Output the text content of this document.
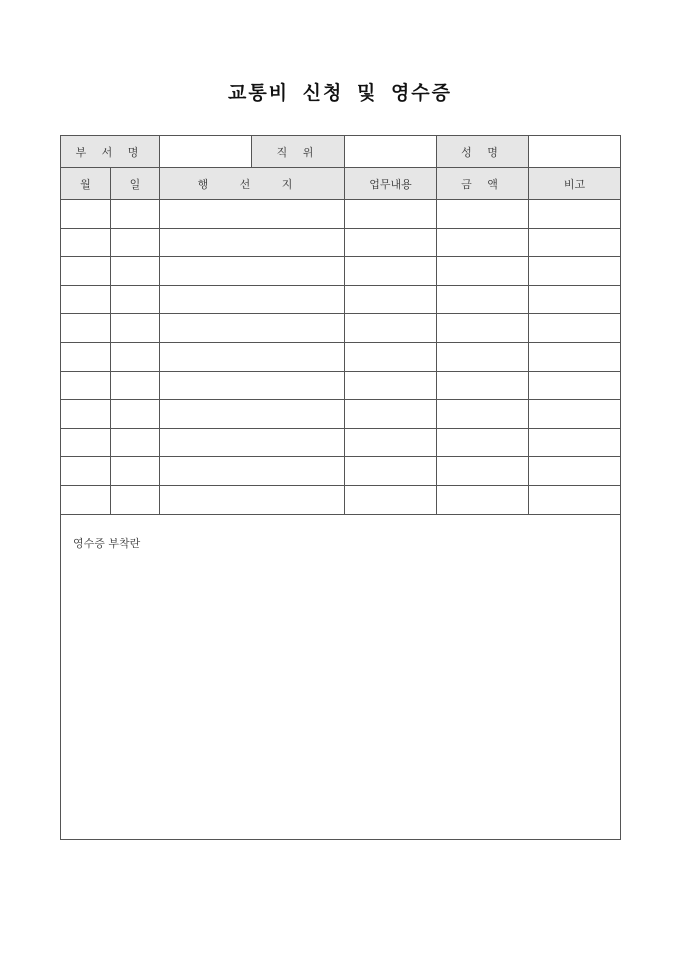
교통비 신청 및 영수증
부 서 명			직 위		성 명	
월	일	행 선 지		업무내용	금 액	비고

영수증 부착란						
